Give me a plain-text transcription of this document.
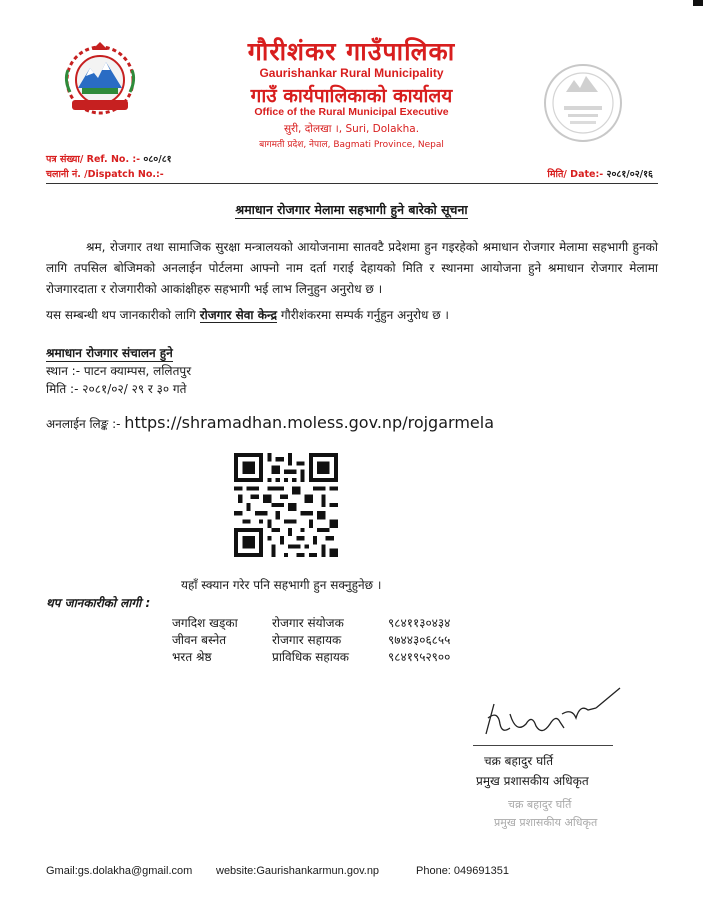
गौरीशंकर गाउँपालिका
Gaurishankar Rural Municipality
गाउँ कार्यपालिकाको कार्यालय
Office of the Rural Municipal Executive
सुरी, दोलखा ।, Suri, Dolakha.
बागमती प्रदेश, नेपाल, Bagmati Province, Nepal
पत्र संख्या/ Ref. No. :- ०८०/८१
चलानी नं. /Dispatch No.:-	मिति/ Date:- २०८१/०२/१६
श्रमाधान रोजगार मेलामा सहभागी हुने बारेको सूचना
श्रम, रोजगार तथा सामाजिक सुरक्षा मन्त्रालयको आयोजनामा सातवटै प्रदेशमा हुन गइरहेको श्रमाधान रोजगार मेलामा सहभागी हुनको लागि तपसिल बोजिमको अनलाईन पोर्टलमा आफ्नो नाम दर्ता गराई देहायको मिति र स्थानमा आयोजना हुने श्रमाधान रोजगार मेलामा रोजगारदाता र रोजगारीको आकांक्षीहरु सहभागी भई लाभ लिनुहुन अनुरोध छ ।
यस सम्बन्धी थप जानकारीको लागि रोजगार सेवा केन्द्र गौरीशंकरमा सम्पर्क गर्नुहुन अनुरोध छ ।
श्रमाधान रोजगार संचालन हुने
स्थान :- पाटन क्याम्पस, ललितपुर
मिति :- २०८१/०२/ २९ र ३० गते
अनलाईन लिङ्क :- https://shramadhan.moless.gov.np/rojgarmela
यहाँ स्क्यान गरेर पनि सहभागी हुन सक्नुहुनेछ ।
थप जानकारीको लागी :
जगदिश खड्का	रोजगार संयोजक	९८४११३०४३४
जीवन बस्नेत	रोजगार सहायक	९७४४३०६८५५
भरत श्रेष्ठ	प्राविधिक सहायक	९८४१९५२९००
चक्र बहादुर घर्ति
प्रमुख प्रशासकीय अधिकृत
चक्र बहादुर घर्ति
प्रमुख प्रशासकीय अधिकृत
Gmail:gs.dolakha@gmail.com website:Gaurishankarmun.gov.np	Phone: 049691351
